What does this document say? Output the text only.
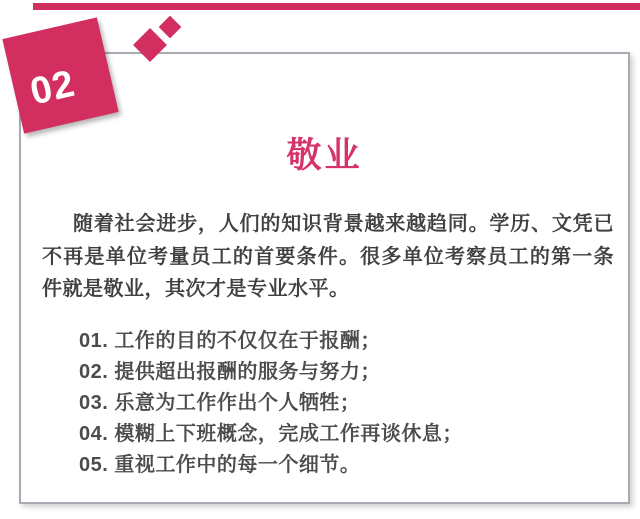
敬业

随着社会进步，人们的知识背景越来越趋同。学历、文凭已不再是单位考量员工的首要条件。很多单位考察员工的第一条件就是敬业，其次才是专业水平。

01. 工作的目的不仅仅在于报酬；
02. 提供超出报酬的服务与努力；
03. 乐意为工作作出个人牺牲；
04. 模糊上下班概念，完成工作再谈休息；
05. 重视工作中的每一个细节。
02
